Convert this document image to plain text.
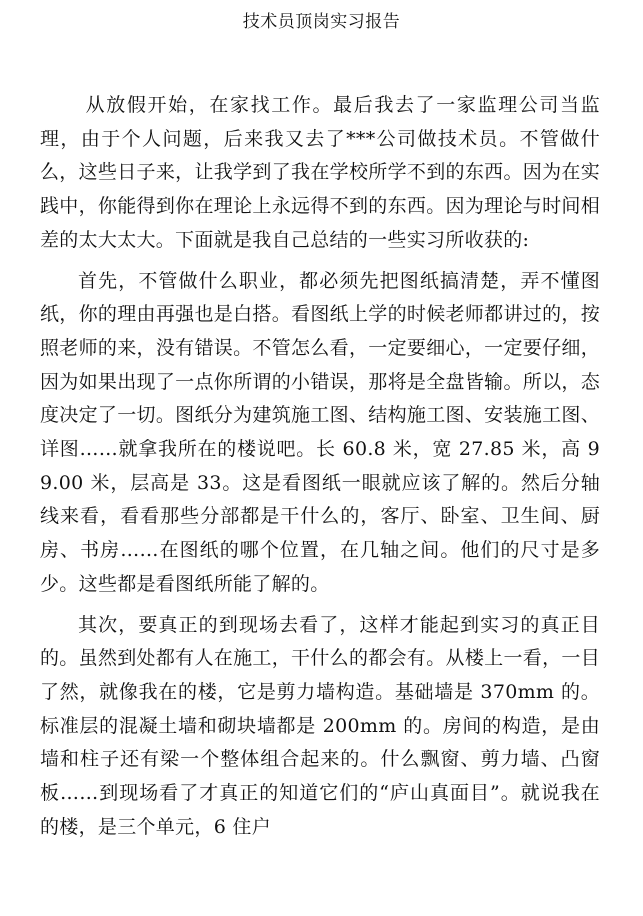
技术员顶岗实习报告

从放假开始，在家找工作。最后我去了一家监理公司当监理，由于个人问题，后来我又去了***公司做技术员。不管做什么，这些日子来，让我学到了我在学校所学不到的东西。因为在实践中，你能得到你在理论上永远得不到的东西。因为理论与时间相差的太大太大。下面就是我自己总结的一些实习所收获的:

首先，不管做什么职业，都必须先把图纸搞清楚，弄不懂图纸，你的理由再强也是白搭。看图纸上学的时候老师都讲过的，按照老师的来，没有错误。不管怎么看，一定要细心，一定要仔细，因为如果出现了一点你所谓的小错误，那将是全盘皆输。所以，态度决定了一切。图纸分为建筑施工图、结构施工图、安装施工图、详图……就拿我所在的楼说吧。长 60.8 米，宽 27.85 米，高 99.00 米，层高是 33。这是看图纸一眼就应该了解的。然后分轴线来看，看看那些分部都是干什么的，客厅、卧室、卫生间、厨房、书房……在图纸的哪个位置，在几轴之间。他们的尺寸是多少。这些都是看图纸所能了解的。

其次，要真正的到现场去看了，这样才能起到实习的真正目的。虽然到处都有人在施工，干什么的都会有。从楼上一看，一目了然，就像我在的楼，它是剪力墙构造。基础墙是 370mm 的。标准层的混凝土墙和砌块墙都是 200mm 的。房间的构造，是由墙和柱子还有梁一个整体组合起来的。什么飘窗、剪力墙、凸窗板……到现场看了才真正的知道它们的“庐山真面目”。就说我在的楼，是三个单元，6 住户
